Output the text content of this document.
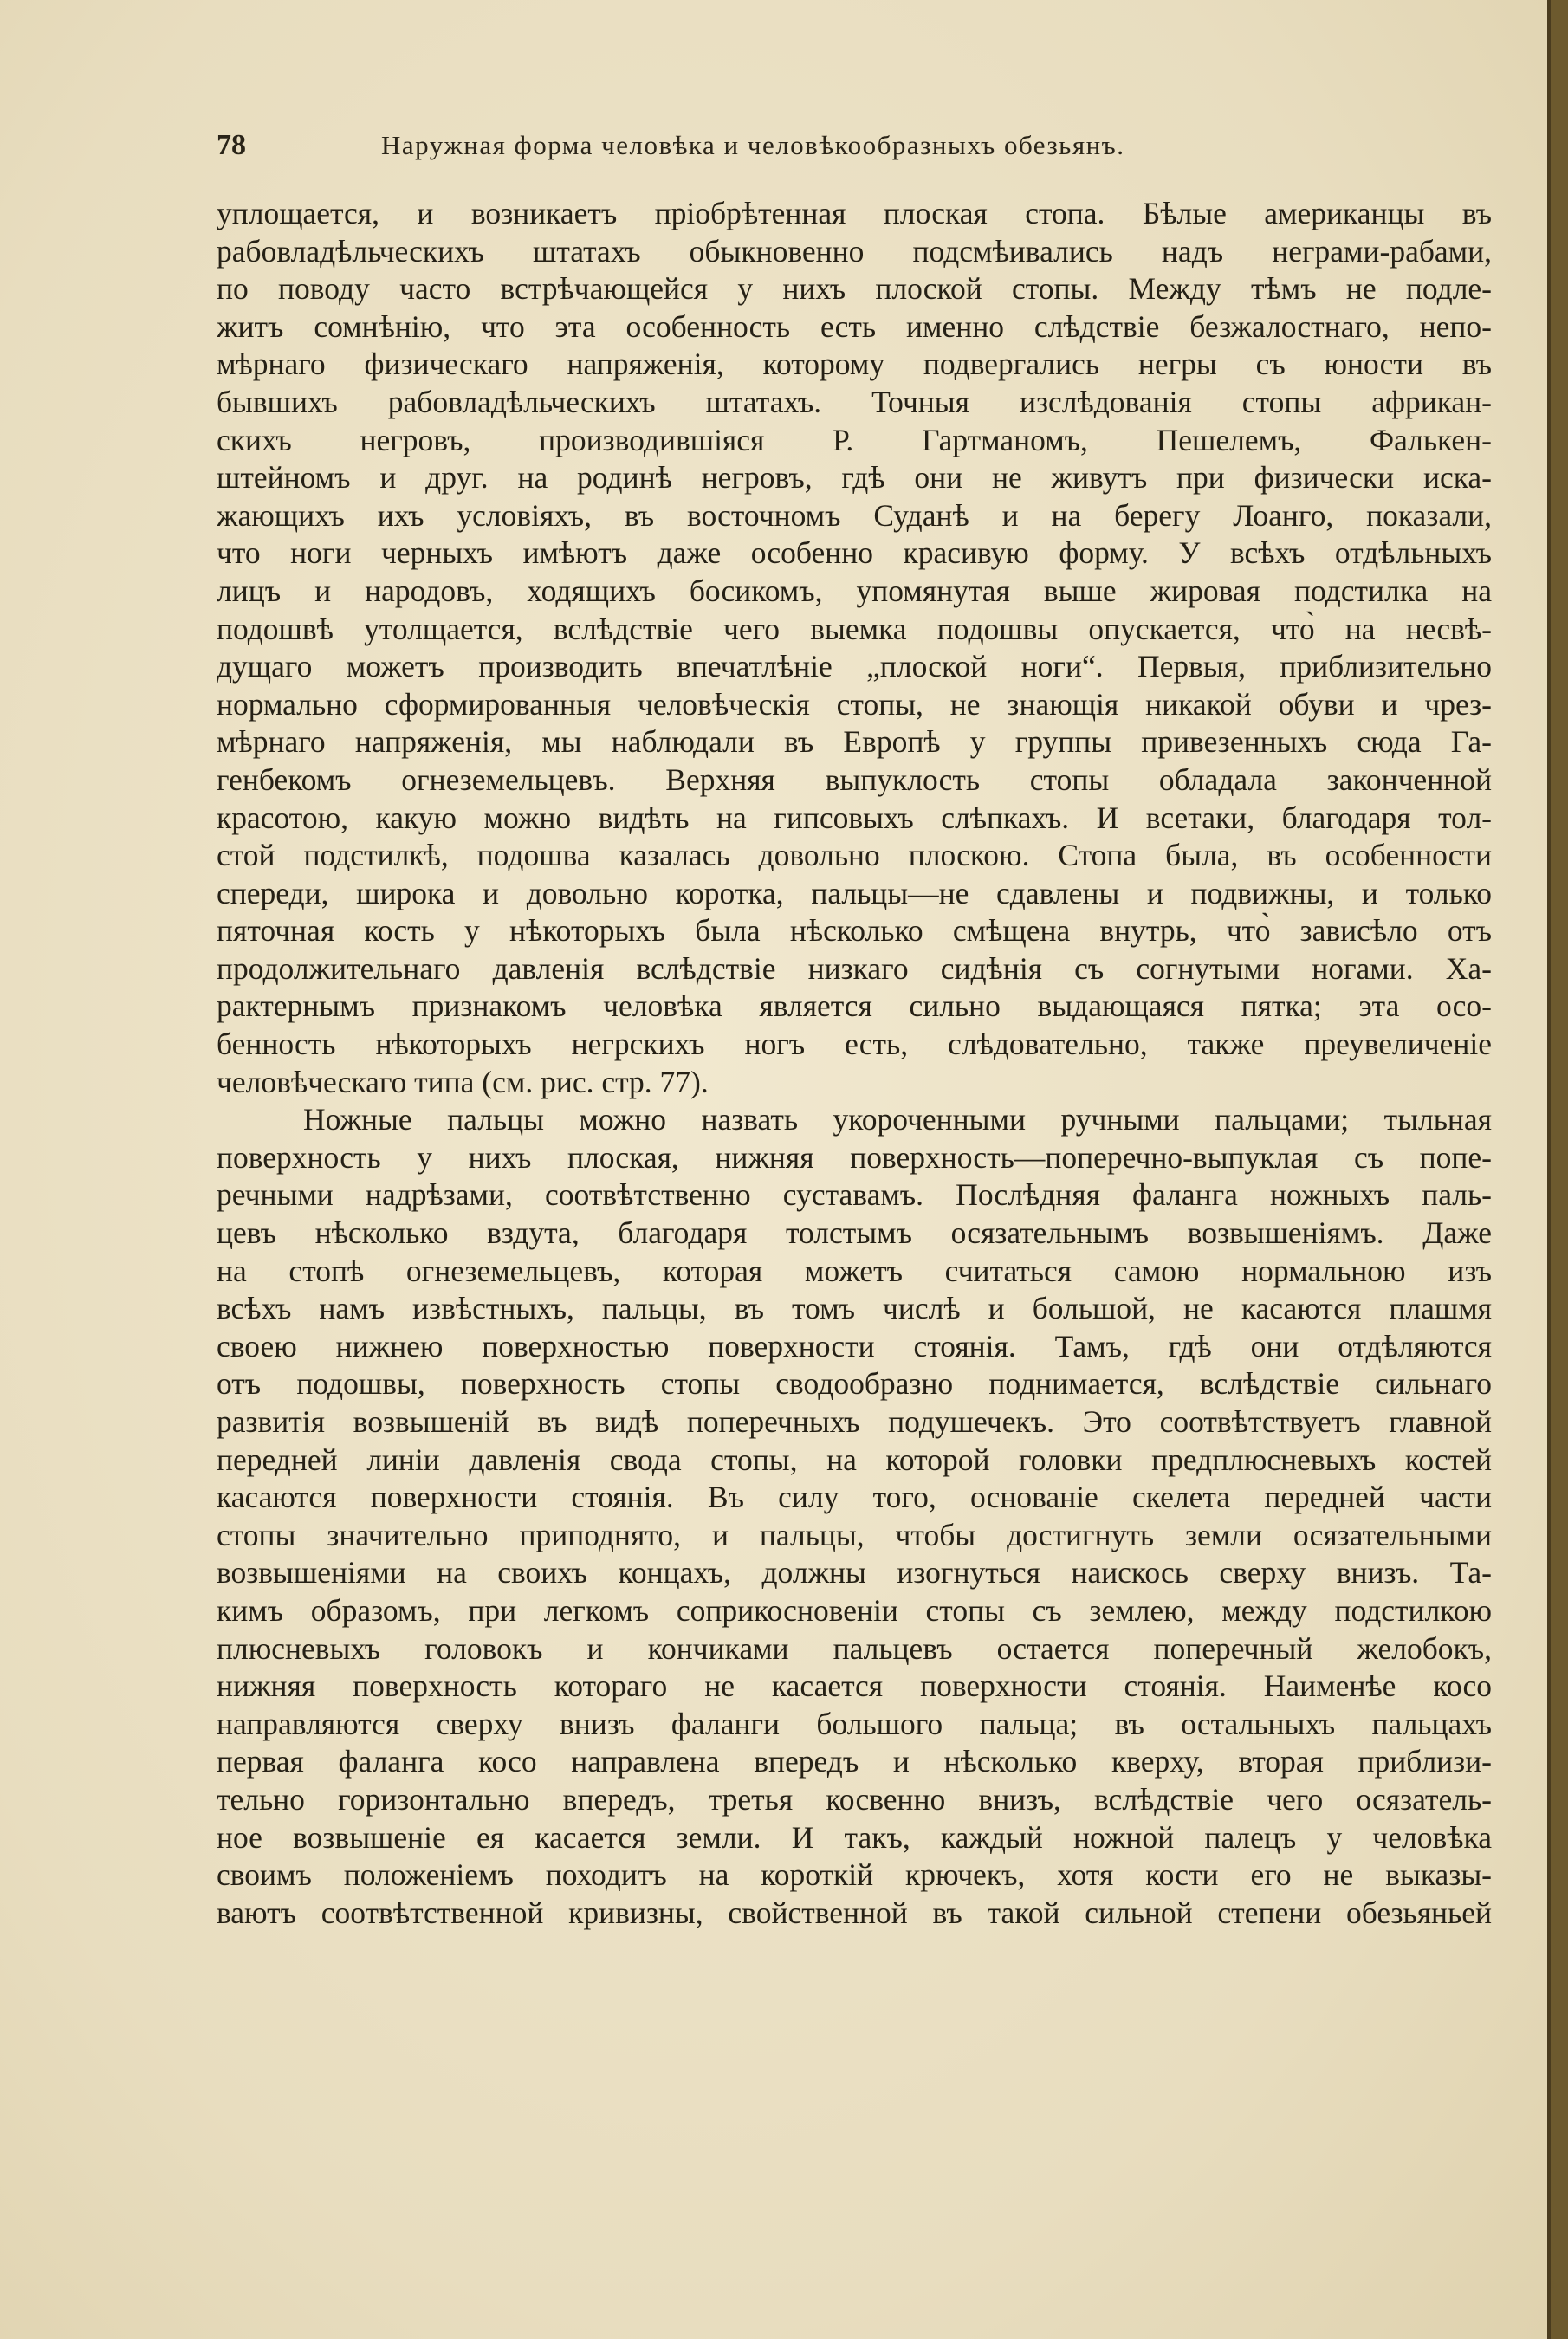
78	Наружная форма человѣка и человѣкообразныхъ обезьянъ.
уплощается, и возникаетъ пріобрѣтенная плоская стопа. Бѣлые американцы въ
рабовладѣльческихъ штатахъ обыкновенно подсмѣивались надъ неграми-рабами,
по поводу часто встрѣчающейся у нихъ плоской стопы. Между тѣмъ не подле-
житъ сомнѣнію, что эта особенность есть именно слѣдствіе безжалостнаго, непо-
мѣрнаго физическаго напряженія, которому подвергались негры съ юности въ
бывшихъ рабовладѣльческихъ штатахъ. Точныя изслѣдованія стопы африкан-
скихъ негровъ, производившіяся Р. Гартманомъ, Пешелемъ, Фалькен-
штейномъ и друг. на родинѣ негровъ, гдѣ они не живутъ при физически иска-
жающихъ ихъ условіяхъ, въ восточномъ Суданѣ и на берегу Лоанго, показали,
что ноги черныхъ имѣютъ даже особенно красивую форму. У всѣхъ отдѣльныхъ
лицъ и народовъ, ходящихъ босикомъ, упомянутая выше жировая подстилка на
подошвѣ утолщается, вслѣдствіе чего выемка подошвы опускается, что̀ на несвѣ-
дущаго можетъ производить впечатлѣніе „плоской ноги“. Первыя, приблизительно
нормально сформированныя человѣческія стопы, не знающія никакой обуви и чрез-
мѣрнаго напряженія, мы наблюдали въ Европѣ у группы привезенныхъ сюда Га-
генбекомъ огнеземельцевъ. Верхняя выпуклость стопы обладала законченной
красотою, какую можно видѣть на гипсовыхъ слѣпкахъ. И всетаки, благодаря тол-
стой подстилкѣ, подошва казалась довольно плоскою. Стопа была, въ особенности
спереди, широка и довольно коротка, пальцы—не сдавлены и подвижны, и только
пяточная кость у нѣкоторыхъ была нѣсколько смѣщена внутрь, что̀ зависѣло отъ
продолжительнаго давленія вслѣдствіе низкаго сидѣнія съ согнутыми ногами. Ха-
рактернымъ признакомъ человѣка является сильно выдающаяся пятка; эта осо-
бенность нѣкоторыхъ негрскихъ ногъ есть, слѣдовательно, также преувеличеніе
человѣческаго типа (см. рис. стр. 77).
Ножные пальцы можно назвать укороченными ручными пальцами; тыльная
поверхность у нихъ плоская, нижняя поверхность—поперечно-выпуклая съ попе-
речными надрѣзами, соотвѣтственно суставамъ. Послѣдняя фаланга ножныхъ паль-
цевъ нѣсколько вздута, благодаря толстымъ осязательнымъ возвышеніямъ. Даже
на стопѣ огнеземельцевъ, которая можетъ считаться самою нормальною изъ
всѣхъ намъ извѣстныхъ, пальцы, въ томъ числѣ и большой, не касаются плашмя
своею нижнею поверхностью поверхности стоянія. Тамъ, гдѣ они отдѣляются
отъ подошвы, поверхность стопы сводообразно поднимается, вслѣдствіе сильнаго
развитія возвышеній въ видѣ поперечныхъ подушечекъ. Это соотвѣтствуетъ главной
передней линіи давленія свода стопы, на которой головки предплюсневыхъ костей
касаются поверхности стоянія. Въ силу того, основаніе скелета передней части
стопы значительно приподнято, и пальцы, чтобы достигнуть земли осязательными
возвышеніями на своихъ концахъ, должны изогнуться наискось сверху внизъ. Та-
кимъ образомъ, при легкомъ соприкосновеніи стопы съ землею, между подстилкою
плюсневыхъ головокъ и кончиками пальцевъ остается поперечный желобокъ,
нижняя поверхность котораго не касается поверхности стоянія. Наименѣе косо
направляются сверху внизъ фаланги большого пальца; въ остальныхъ пальцахъ
первая фаланга косо направлена впередъ и нѣсколько кверху, вторая приблизи-
тельно горизонтально впередъ, третья косвенно внизъ, вслѣдствіе чего осязатель-
ное возвышеніе ея касается земли. И такъ, каждый ножной палецъ у человѣка
своимъ положеніемъ походитъ на короткій крючекъ, хотя кости его не выказы-
ваютъ соотвѣтственной кривизны, свойственной въ такой сильной степени обезьяньей
